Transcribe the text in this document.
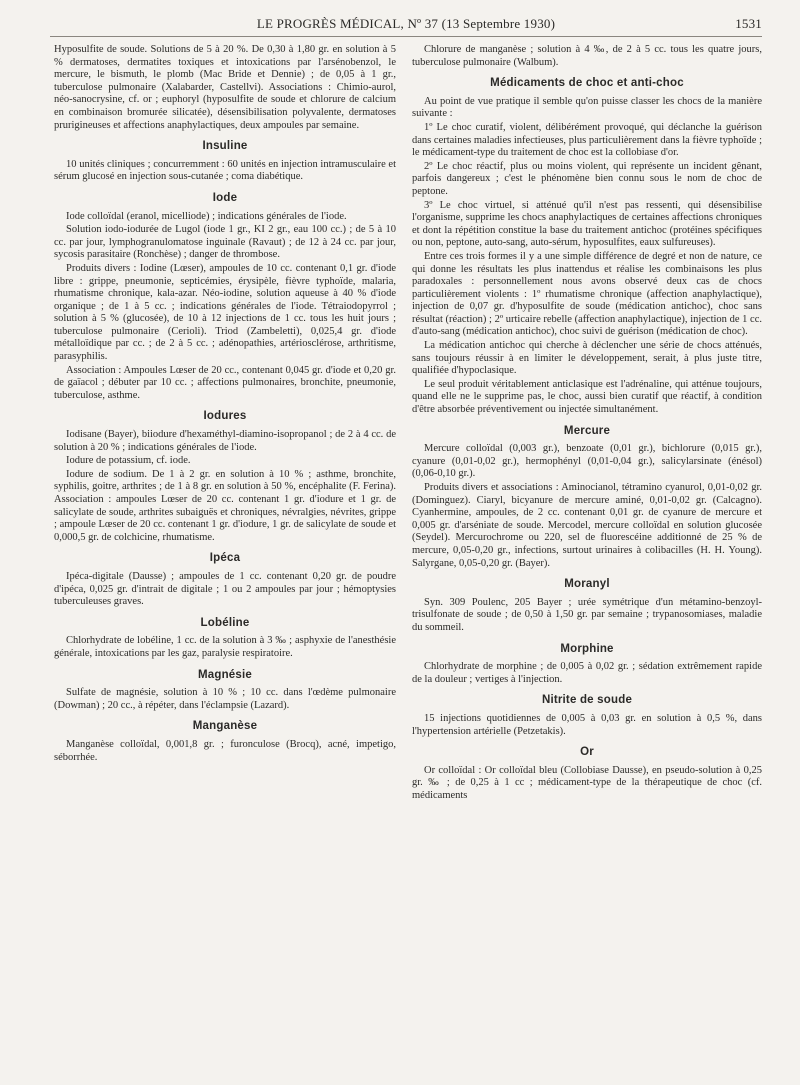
LE PROGRÈS MÉDICAL, Nº 37 (13 Septembre 1930)	1531

Hyposulfite de soude. Solutions de 5 à 20 %. De 0,30 à 1,80 gr. en solution à 5 % dermatoses, dermatites toxiques et intoxications par l'arsénobenzol, le mercure, le bismuth, le plomb (Mac Bride et Dennie) ; de 0,05 à 1 gr., tuberculose pulmonaire (Xalabarder, Castellvi). Associations : Chimio-aurol, néo-sanocrysine, cf. or ; euphoryl (hyposulfite de soude et chlorure de calcium en combinaison bromurée silicatée), désensibilisation polyvalente, dermatoses prurigineuses et affections anaphylactiques, deux ampoules par semaine.

Insuline

10 unités cliniques ; concurremment : 60 unités en injection intramusculaire et sérum glucosé en injection sous-cutanée ; coma diabétique.

Iode

Iode colloïdal (eranol, micelliode) ; indications générales de l'iode.

Solution iodo-iodurée de Lugol (iode 1 gr., KI 2 gr., eau 100 cc.) ; de 5 à 10 cc. par jour, lymphogranulomatose inguinale (Ravaut) ; de 12 à 24 cc. par jour, sycosis parasitaire (Ronchèse) ; danger de thrombose.

Produits divers : Iodine (Lœser), ampoules de 10 cc. contenant 0,1 gr. d'iode libre : grippe, pneumonie, septicémies, érysipèle, fièvre typhoïde, malaria, rhumatisme chronique, kala-azar. Néo-iodine, solution aqueuse à 40 % d'iode organique ; de 1 à 5 cc. ; indications générales de l'iode. Tétraiodopyrrol ; solution à 5 % (glucosée), de 10 à 12 injections de 1 cc. tous les huit jours ; tuberculose pulmonaire (Cerioli). Triod (Zambeletti), 0,025,4 gr. d'iode métalloïdique par cc. ; de 2 à 5 cc. ; adénopathies, artériosclérose, arthritisme, parasyphilis.

Association : Ampoules Lœser de 20 cc., contenant 0,045 gr. d'iode et 0,20 gr. de gaïacol ; débuter par 10 cc. ; affections pulmonaires, bronchite, pneumonie, tuberculose, asthme.

Iodures

Iodisane (Bayer), biiodure d'hexaméthyl-diamino-isopropanol ; de 2 à 4 cc. de solution à 20 % ; indications générales de l'iode.

Iodure de potassium, cf. iode.

Iodure de sodium. De 1 à 2 gr. en solution à 10 % ; asthme, bronchite, syphilis, goitre, arthrites ; de 1 à 8 gr. en solution à 50 %, encéphalite (F. Ferina). Association : ampoules Lœser de 20 cc. contenant 1 gr. d'iodure et 1 gr. de salicylate de soude, arthrites subaiguës et chroniques, névralgies, névrites, grippe ; ampoule Lœser de 20 cc. contenant 1 gr. d'iodure, 1 gr. de salicylate de soude et 0,000,5 gr. de colchicine, rhumatisme.

Ipéca

Ipéca-digitale (Dausse) ; ampoules de 1 cc. contenant 0,20 gr. de poudre d'ipéca, 0,025 gr. d'intrait de digitale ; 1 ou 2 ampoules par jour ; hémoptysies tuberculeuses graves.

Lobéline

Chlorhydrate de lobéline, 1 cc. de la solution à 3 ‰ ; asphyxie de l'anesthésie générale, intoxications par les gaz, paralysie respiratoire.

Magnésie

Sulfate de magnésie, solution à 10 % ; 10 cc. dans l'œdème pulmonaire (Dowman) ; 20 cc., à répéter, dans l'éclampsie (Lazard).

Manganèse

Manganèse colloïdal, 0,001,8 gr. ; furonculose (Brocq), acné, impetigo, séborrhée.

Chlorure de manganèse ; solution à 4 ‰, de 2 à 5 cc. tous les quatre jours, tuberculose pulmonaire (Walbum).

Médicaments de choc et anti-choc

Au point de vue pratique il semble qu'on puisse classer les chocs de la manière suivante :

1º Le choc curatif, violent, délibérément provoqué, qui déclanche la guérison dans certaines maladies infectieuses, plus particulièrement dans la fièvre typhoïde ; le médicament-type du traitement de choc est la collobiase d'or.

2º Le choc réactif, plus ou moins violent, qui représente un incident gênant, parfois dangereux ; c'est le phénomène bien connu sous le nom de choc de peptone.

3º Le choc virtuel, si atténué qu'il n'est pas ressenti, qui désensibilise l'organisme, supprime les chocs anaphylactiques de certaines affections chroniques et dont la répétition constitue la base du traitement antichoc (protéines spécifiques ou non, peptone, auto-sang, auto-sérum, hyposulfites, eaux sulfureuses).

Entre ces trois formes il y a une simple différence de degré et non de nature, ce qui donne les résultats les plus inattendus et réalise les combinaisons les plus paradoxales : personnellement nous avons observé deux cas de chocs particulièrement violents : 1º rhumatisme chronique (affection anaphylactique), injection de 0,07 gr. d'hyposulfite de soude (médication antichoc), choc sans résultat (réaction) ; 2º urticaire rebelle (affection anaphylactique), injection de 1 cc. d'auto-sang (médication antichoc), choc suivi de guérison (médication de choc).

La médication antichoc qui cherche à déclencher une série de chocs atténués, sans toujours réussir à en limiter le développement, serait, à plus juste titre, qualifiée d'hypoclasique.

Le seul produit véritablement anticlasique est l'adrénaline, qui atténue toujours, quand elle ne le supprime pas, le choc, aussi bien curatif que réactif, à condition d'être absorbée préventivement ou injectée simultanément.

Mercure

Mercure colloïdal (0,003 gr.), benzoate (0,01 gr.), bichlorure (0,015 gr.), cyanure (0,01-0,02 gr.), hermophényl (0,01-0,04 gr.), salicylarsinate (énésol) (0,06-0,10 gr.).

Produits divers et associations : Aminocianol, tétramino cyanurol, 0,01-0,02 gr. (Dominguez). Ciaryl, bicyanure de mercure aminé, 0,01-0,02 gr. (Calcagno). Cyanhermine, ampoules, de 2 cc. contenant 0,01 gr. de cyanure de mercure et 0,005 gr. d'arséniate de soude. Mercodel, mercure colloïdal en solution glucosée (Seydel). Mercurochrome ou 220, sel de fluorescéine additionné de 25 % de mercure, 0,05-0,20 gr., infections, surtout urinaires à colibacilles (H. H. Young). Salyrgane, 0,05-0,20 gr. (Bayer).

Moranyl

Syn. 309 Poulenc, 205 Bayer ; urée symétrique d'un métamino-benzoyl-trisulfonate de soude ; de 0,50 à 1,50 gr. par semaine ; trypanosomiases, maladie du sommeil.

Morphine

Chlorhydrate de morphine ; de 0,005 à 0,02 gr. ; sédation extrêmement rapide de la douleur ; vertiges à l'injection.

Nitrite de soude

15 injections quotidiennes de 0,005 à 0,03 gr. en solution à 0,5 %, dans l'hypertension artérielle (Petzetakis).

Or

Or colloïdal : Or colloïdal bleu (Collobiase Dausse), en pseudo-solution à 0,25 gr. ‰ ; de 0,25 à 1 cc ; médicament-type de la thérapeutique de choc (cf. médicaments
